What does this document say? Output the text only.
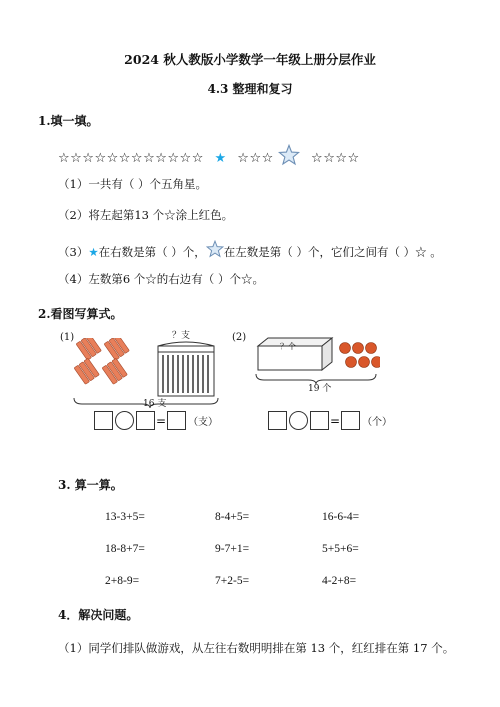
2024 秋人教版小学数学一年级上册分层作业
4.3 整理和复习
1.填一填。
☆☆☆☆☆☆☆☆☆☆☆☆ ★ ☆☆☆	☆☆☆☆
（1）一共有（ ）个五角星。
（2）将左起第13 个☆涂上红色。
（3）★在右数是第（ ）个， 在左数是第（ ）个，它们之间有（ ）☆ 。
（4）左数第6 个☆的右边有（ ）个☆。
2.看图写算式。
(1)	？支
16 支
= （支）
(2)
？个
19 个
= （个）
3. 算一算。
13-3+5=	8-4+5=	16-6-4=
18-8+7=	9-7+1=	5+5+6=
2+8-9=	7+2-5=	4-2+8=
4．解决问题。
（1）同学们排队做游戏，从左往右数明明排在第 13 个，红红排在第 17 个。
